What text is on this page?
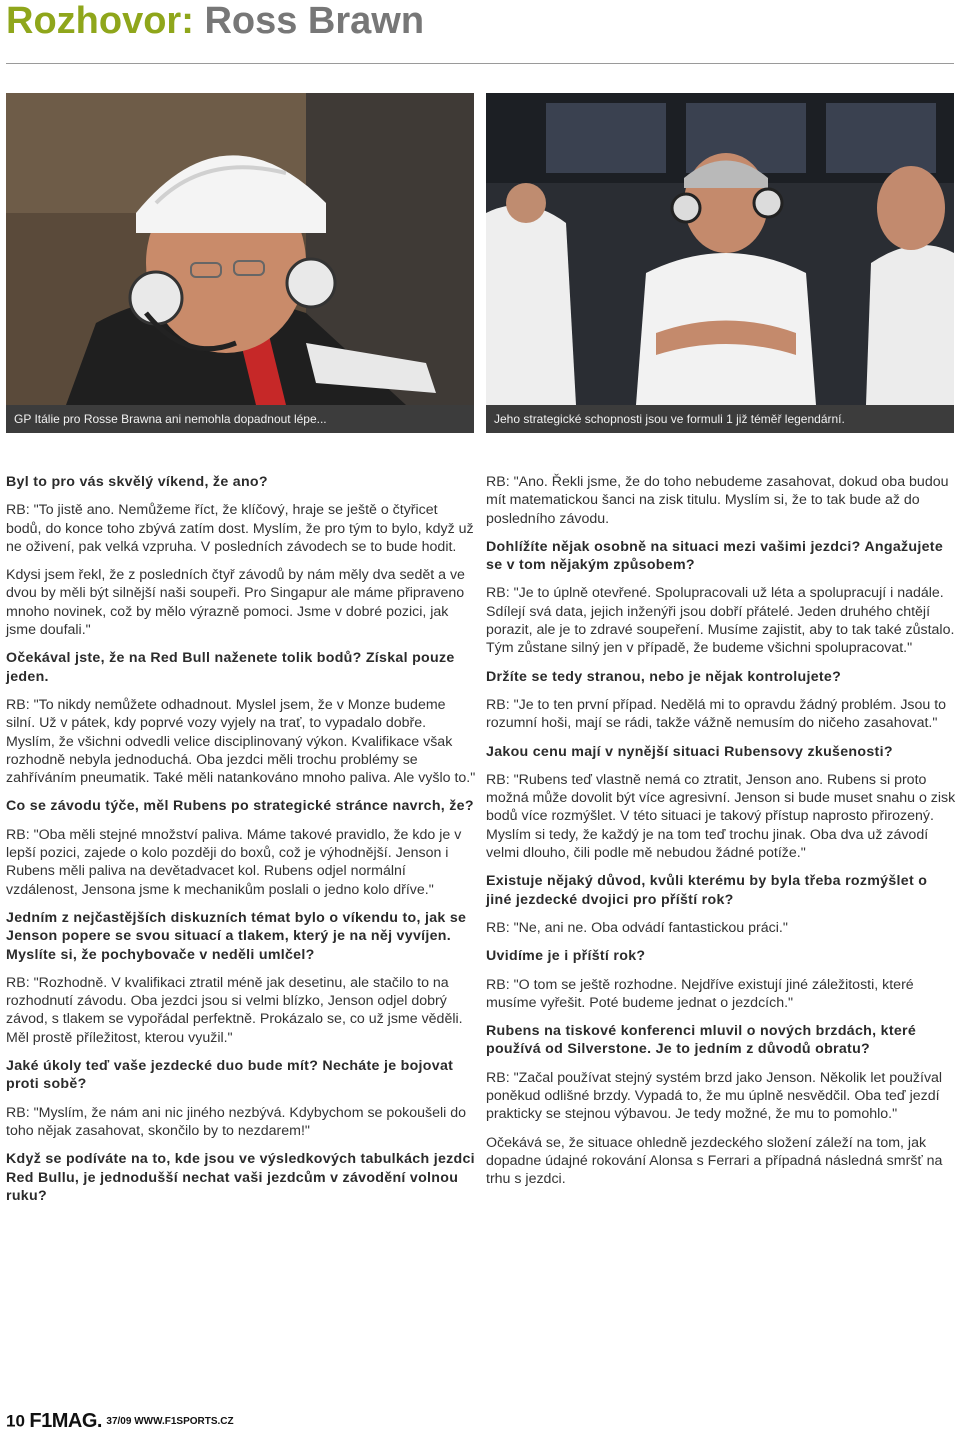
Rozhovor: Ross Brawn
GP Itálie pro Rosse Brawna ani nemohla dopadnout lépe...	Jeho strategické schopnosti jsou ve formuli 1 již téměř legendární.

Byl to pro vás skvělý víkend, že ano?

RB: "To jistě ano. Nemůžeme říct, že klíčový, hraje se ještě o čtyřicet bodů, do konce toho zbývá zatím dost. Myslím, že pro tým to bylo, když už ne oživení, pak velká vzpruha. V posledních závodech se to bude hodit.

Kdysi jsem řekl, že z posledních čtyř závodů by nám měly dva sedět a ve dvou by měli být silnější naši soupeři. Pro Singapur ale máme připraveno mnoho novinek, což by mělo výrazně pomoci. Jsme v dobré pozici, jak jsme doufali."

Očekával jste, že na Red Bull naženete tolik bodů? Získal pouze jeden.

RB: "To nikdy nemůžete odhadnout. Myslel jsem, že v Monze budeme silní. Už v pátek, kdy poprvé vozy vyjely na trať, to vypadalo dobře. Myslím, že všichni odvedli velice disciplinovaný výkon. Kvalifikace však rozhodně nebyla jednoduchá. Oba jezdci měli trochu problémy se zahříváním pneumatik. Také měli natankováno mnoho paliva. Ale vyšlo to."

Co se závodu týče, měl Rubens po strategické stránce navrch, že?

RB: "Oba měli stejné množství paliva. Máme takové pravidlo, že kdo je v lepší pozici, zajede o kolo později do boxů, což je výhodnější. Jenson i Rubens měli paliva na devětadvacet kol. Rubens odjel normální vzdálenost, Jensona jsme k mechanikům poslali o jedno kolo dříve."

Jedním z nejčastějších diskuzních témat bylo o víkendu to, jak se Jenson popere se svou situací a tlakem, který je na něj vyvíjen. Myslíte si, že pochybovače v neděli umlčel?

RB: "Rozhodně. V kvalifikaci ztratil méně jak desetinu, ale stačilo to na rozhodnutí závodu. Oba jezdci jsou si velmi blízko, Jenson odjel dobrý závod, s tlakem se vypořádal perfektně. Prokázalo se, co už jsme věděli. Měl prostě příležitost, kterou využil."

Jaké úkoly teď vaše jezdecké duo bude mít? Necháte je bojovat proti sobě?

RB: "Myslím, že nám ani nic jiného nezbývá. Kdybychom se pokoušeli do toho nějak zasahovat, skončilo by to nezdarem!"

Když se podíváte na to, kde jsou ve výsledkových tabulkách jezdci Red Bullu, je jednodušší nechat vaši jezdcům v závodění volnou ruku?

RB: "Ano. Řekli jsme, že do toho nebudeme zasahovat, dokud oba budou mít matematickou šanci na zisk titulu. Myslím si, že to tak bude až do posledního závodu.

Dohlížíte nějak osobně na situaci mezi vašimi jezdci? Angažujete se v tom nějakým způsobem?

RB: "Je to úplně otevřené. Spolupracovali už léta a spolupracují i nadále. Sdílejí svá data, jejich inženýři jsou dobří přátelé. Jeden druhého chtějí porazit, ale je to zdravé soupeření. Musíme zajistit, aby to tak také zůstalo. Tým zůstane silný jen v případě, že budeme všichni spolupracovat."

Držíte se tedy stranou, nebo je nějak kontrolujete?

RB: "Je to ten první případ. Nedělá mi to opravdu žádný problém. Jsou to rozumní hoši, mají se rádi, takže vážně nemusím do ničeho zasahovat."

Jakou cenu mají v nynější situaci Rubensovy zkušenosti?

RB: "Rubens teď vlastně nemá co ztratit, Jenson ano. Rubens si proto možná může dovolit být více agresivní. Jenson si bude muset snahu o zisk bodů více rozmýšlet. V této situaci je takový přístup naprosto přirozený. Myslím si tedy, že každý je na tom teď trochu jinak. Oba dva už závodí velmi dlouho, čili podle mě nebudou žádné potíže."

Existuje nějaký důvod, kvůli kterému by byla třeba rozmýšlet o jiné jezdecké dvojici pro příští rok?

RB: "Ne, ani ne. Oba odvádí fantastickou práci."

Uvidíme je i příští rok?

RB: "O tom se ještě rozhodne. Nejdříve existují jiné záležitosti, které musíme vyřešit. Poté budeme jednat o jezdcích."

Rubens na tiskové konferenci mluvil o nových brzdách, které používá od Silverstone. Je to jedním z důvodů obratu?

RB: "Začal používat stejný systém brzd jako Jenson. Několik let používal poněkud odlišné brzdy. Vypadá to, že mu úplně nesvědčil. Oba teď jezdí prakticky se stejnou výbavou. Je tedy možné, že mu to pomohlo."

Očekává se, že situace ohledně jezdeckého složení záleží na tom, jak dopadne údajné rokování Alonsa s Ferrari a případná následná smršť na trhu s jezdci.

10 F1MAG. 37/09 WWW.F1SPORTS.CZ
